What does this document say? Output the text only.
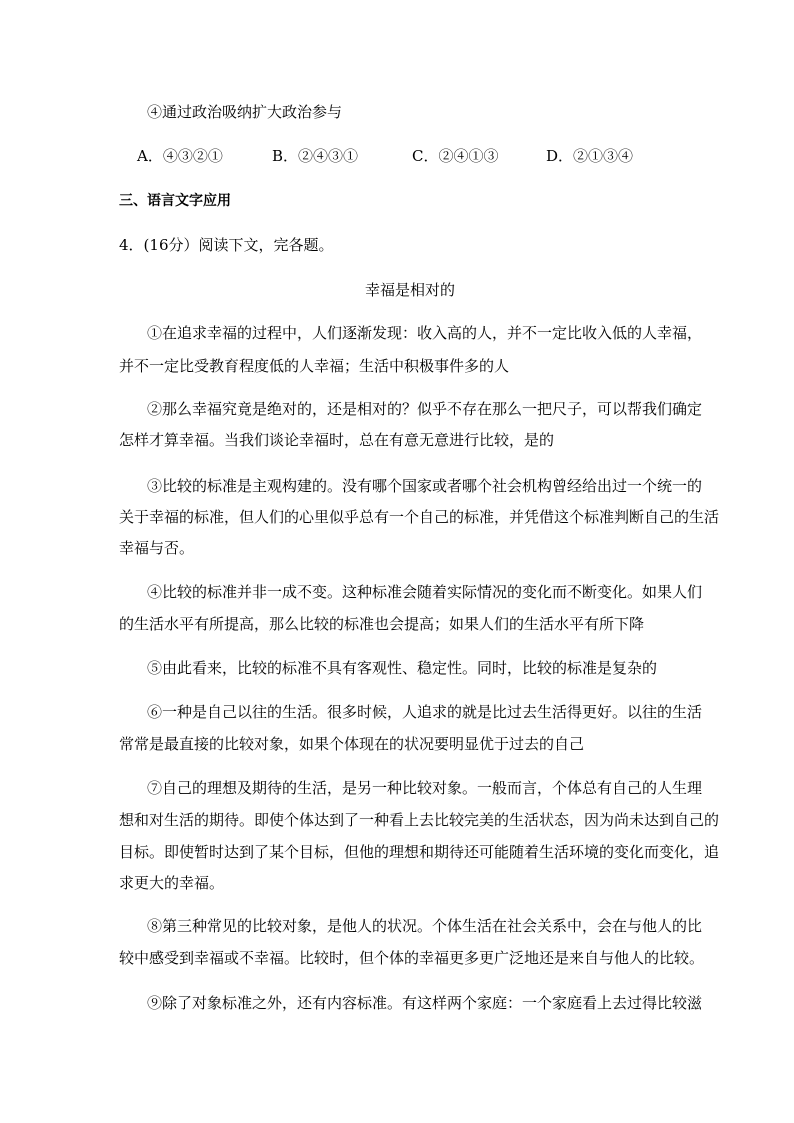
④通过政治吸纳扩大政治参与
A．④③②①	B．②④③①	C．②④①③	D．②①③④
三、语言文字应用
4．(16分）阅读下文，完各题。
幸福是相对的
①在追求幸福的过程中，人们逐渐发现：收入高的人，并不一定比收入低的人幸福，
并不一定比受教育程度低的人幸福；生活中积极事件多的人
②那么幸福究竟是绝对的，还是相对的？似乎不存在那么一把尺子，可以帮我们确定
怎样才算幸福。当我们谈论幸福时，总在有意无意进行比较，是的
③比较的标准是主观构建的。没有哪个国家或者哪个社会机构曾经给出过一个统一的
关于幸福的标准，但人们的心里似乎总有一个自己的标准，并凭借这个标准判断自己的生活
幸福与否。
④比较的标准并非一成不变。这种标准会随着实际情况的变化而不断变化。如果人们
的生活水平有所提高，那么比较的标准也会提高；如果人们的生活水平有所下降
⑤由此看来，比较的标准不具有客观性、稳定性。同时，比较的标准是复杂的
⑥一种是自己以往的生活。很多时候，人追求的就是比过去生活得更好。以往的生活
常常是最直接的比较对象，如果个体现在的状况要明显优于过去的自己
⑦自己的理想及期待的生活，是另一种比较对象。一般而言，个体总有自己的人生理
想和对生活的期待。即使个体达到了一种看上去比较完美的生活状态，因为尚未达到自己的
目标。即使暂时达到了某个目标，但他的理想和期待还可能随着生活环境的变化而变化，追
求更大的幸福。
⑧第三种常见的比较对象，是他人的状况。个体生活在社会关系中，会在与他人的比
较中感受到幸福或不幸福。比较时，但个体的幸福更多更广泛地还是来自与他人的比较。
⑨除了对象标准之外，还有内容标准。有这样两个家庭：一个家庭看上去过得比较滋
